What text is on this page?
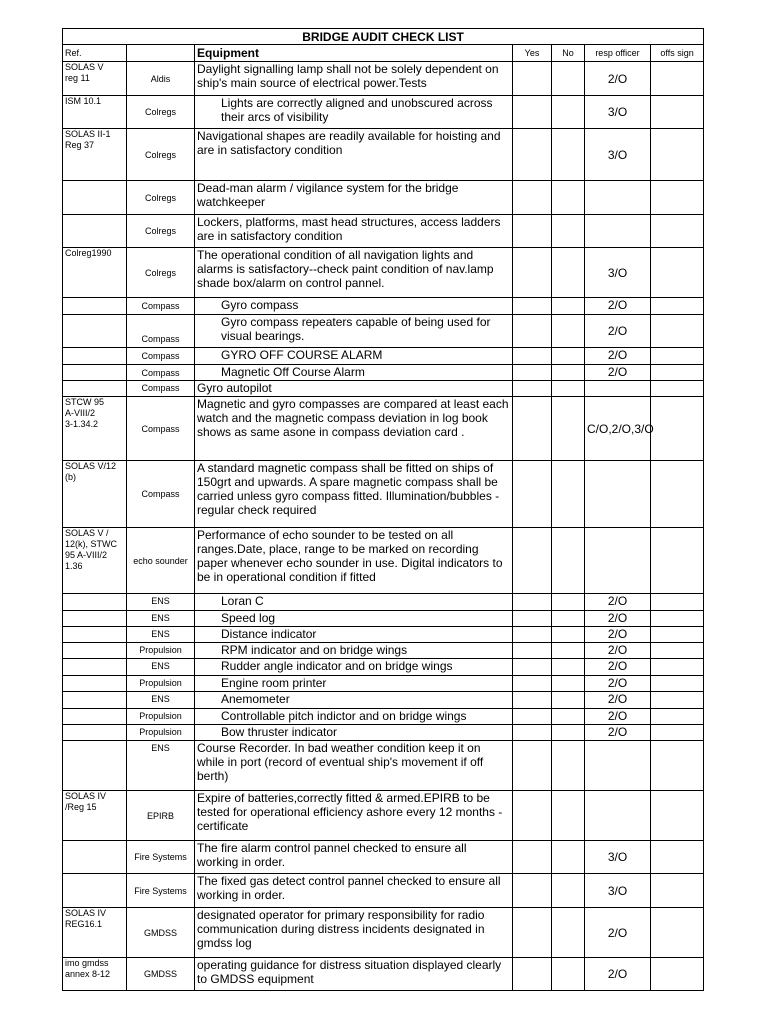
BRIDGE AUDIT CHECK LIST						
Ref.		Equipment	Yes	No	resp officer	offs sign
SOLAS V
reg 11	Aldis	Daylight signalling lamp shall not be solely dependent on ship's main source of electrical power.Tests			2/O	
ISM 10.1	Colregs	Lights are correctly aligned and unobscured across their arcs of visibility			3/O	
SOLAS II-1
Reg 37	Colregs	Navigational shapes are readily available for hoisting and are in satisfactory condition			3/O	
	Colregs	Dead-man alarm / vigilance system for the bridge watchkeeper				
	Colregs	Lockers, platforms, mast head structures, access ladders are in satisfactory condition				
Colreg1990	Colregs	The operational condition of all navigation lights and alarms is satisfactory--check paint condition of nav.lamp shade box/alarm on control pannel.			3/O	
	Compass	Gyro compass			2/O	
	Compass	Gyro compass repeaters capable of being used for visual bearings.			2/O	
	Compass	GYRO OFF COURSE ALARM			2/O	
	Compass	Magnetic Off Course Alarm			2/O	
	Compass	Gyro autopilot				
STCW 95
A-VIII/2
3-1.34.2	Compass	Magnetic and gyro compasses are compared at least each watch and the magnetic compass deviation in log book shows as same asone in compass deviation card .			C/O,2/O,3/O	
SOLAS V/12
(b)	Compass	A standard magnetic compass shall be fitted on ships of 150grt and upwards. A spare magnetic compass shall be carried unless gyro compass fitted. Illumination/bubbles - regular check required				
SOLAS V /
12(k), STWC
95 A-VIII/2
1.36	echo sounder	Performance of echo sounder to be tested on all ranges.Date, place, range to be marked on recording paper whenever echo sounder in use. Digital indicators to be in operational condition if fitted				
	ENS	Loran C			2/O	
	ENS	Speed log			2/O	
	ENS	Distance indicator			2/O	
	Propulsion	RPM indicator and on bridge wings			2/O	
	ENS	Rudder angle indicator and on bridge wings			2/O	
	Propulsion	Engine room printer			2/O	
	ENS	Anemometer			2/O	
	Propulsion	Controllable pitch indictor and on bridge wings			2/O	
	Propulsion	Bow thruster indicator			2/O	
	ENS	Course Recorder. In bad weather condition keep it on while in port (record of eventual ship's movement if off berth)				
SOLAS IV
/Reg 15	EPIRB	Expire of batteries,correctly fitted & armed.EPIRB to be tested for operational efficiency ashore every 12 months - certificate				
	Fire Systems	The fire alarm control pannel checked to ensure all working in order.			3/O	
	Fire Systems	The fixed gas detect control pannel checked to ensure all working in order.			3/O	
SOLAS IV
REG16.1	GMDSS	designated operator for primary responsibility for radio communication during distress incidents designated in gmdss log			2/O	
imo gmdss
annex 8-12	GMDSS	operating guidance for distress situation displayed clearly to GMDSS equipment			2/O	
